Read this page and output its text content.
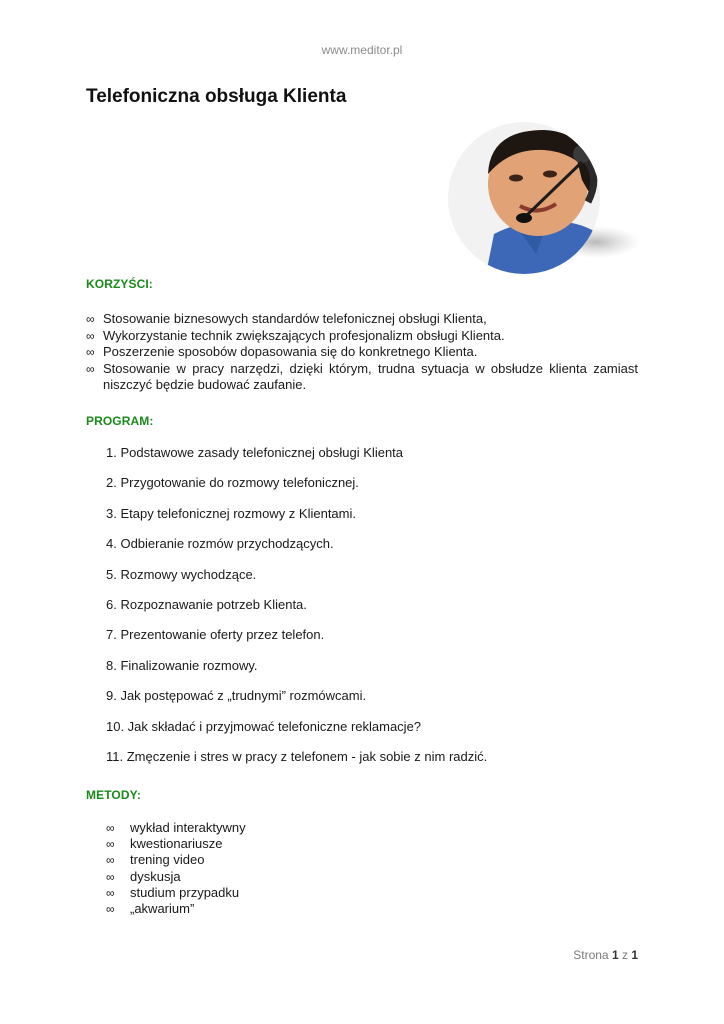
www.meditor.pl
Telefoniczna obsługa Klienta
KORZYŚCI:
∞ Stosowanie biznesowych standardów telefonicznej obsługi Klienta,
∞ Wykorzystanie technik zwiększających profesjonalizm obsługi Klienta.
∞ Poszerzenie sposobów dopasowania się do konkretnego Klienta.
∞ Stosowanie w pracy narzędzi, dzięki którym, trudna sytuacja w obsłudze klienta zamiast niszczyć będzie budować zaufanie.
PROGRAM:
1. Podstawowe zasady telefonicznej obsługi Klienta
2. Przygotowanie do rozmowy telefonicznej.
3. Etapy telefonicznej rozmowy z Klientami.
4. Odbieranie rozmów przychodzących.
5. Rozmowy wychodzące.
6. Rozpoznawanie potrzeb Klienta.
7. Prezentowanie oferty przez telefon.
8. Finalizowanie rozmowy.
9. Jak postępować z „trudnymi” rozmówcami.
10. Jak składać i przyjmować telefoniczne reklamacje?
11. Zmęczenie i stres w pracy z telefonem - jak sobie z nim radzić.
METODY:
∞ wykład interaktywny
∞ kwestionariusze
∞ trening video
∞ dyskusja
∞ studium przypadku
∞ „akwarium”
Strona 1 z 1
